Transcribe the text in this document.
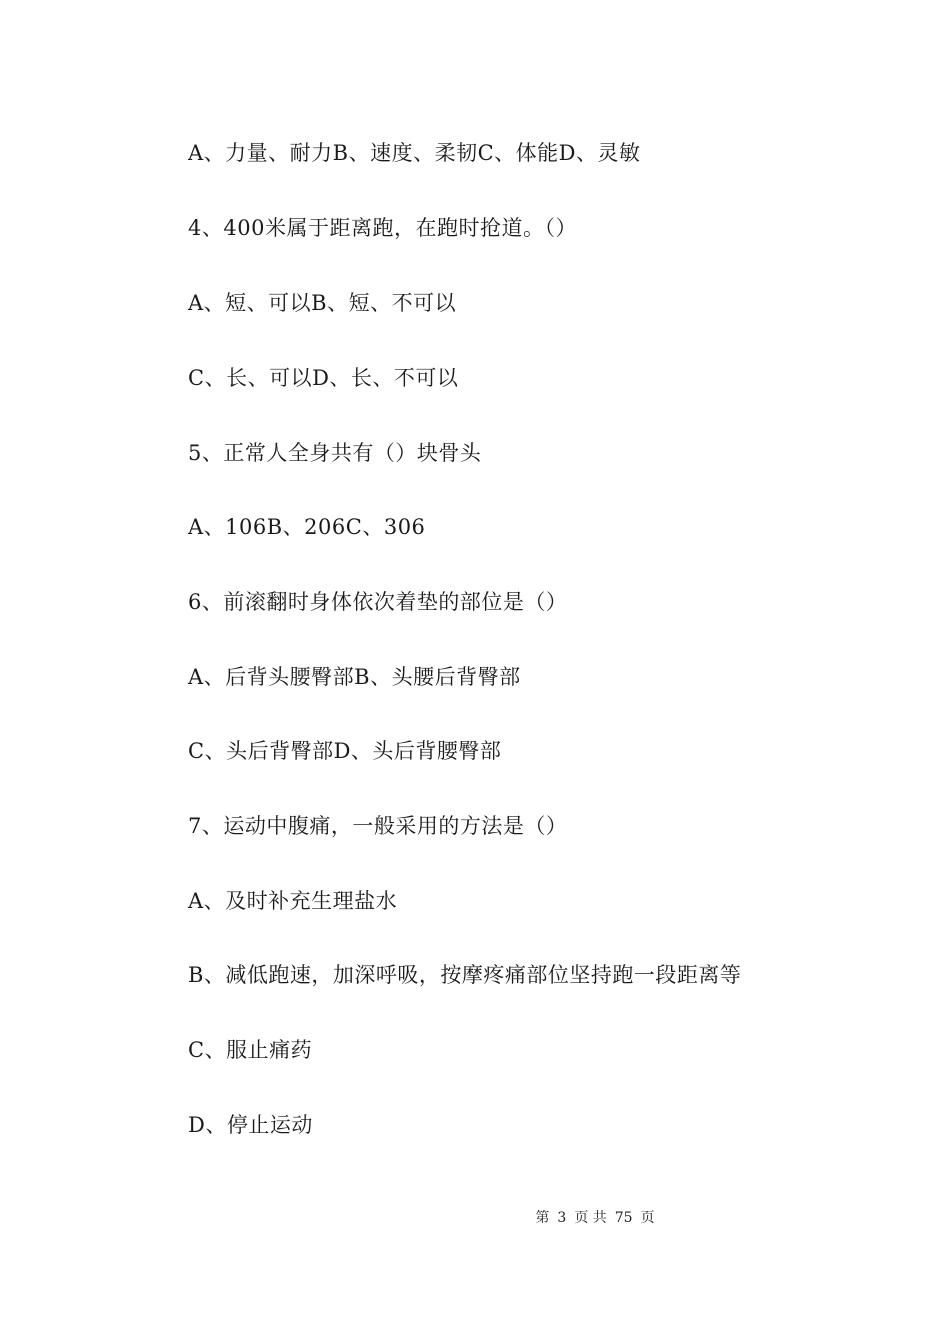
A、力量、耐力B、速度、柔韧C、体能D、灵敏
4、400米属于距离跑，在跑时抢道。（）
A、短、可以B、短、不可以
C、长、可以D、长、不可以
5、正常人全身共有（）块骨头
A、106B、206C、306
6、前滚翻时身体依次着垫的部位是（）
A、后背头腰臀部B、头腰后背臀部
C、头后背臀部D、头后背腰臀部
7、运动中腹痛，一般采用的方法是（）
A、及时补充生理盐水
B、减低跑速，加深呼吸，按摩疼痛部位坚持跑一段距离等
C、服止痛药
D、停止运动
第 3 页 共 75 页
